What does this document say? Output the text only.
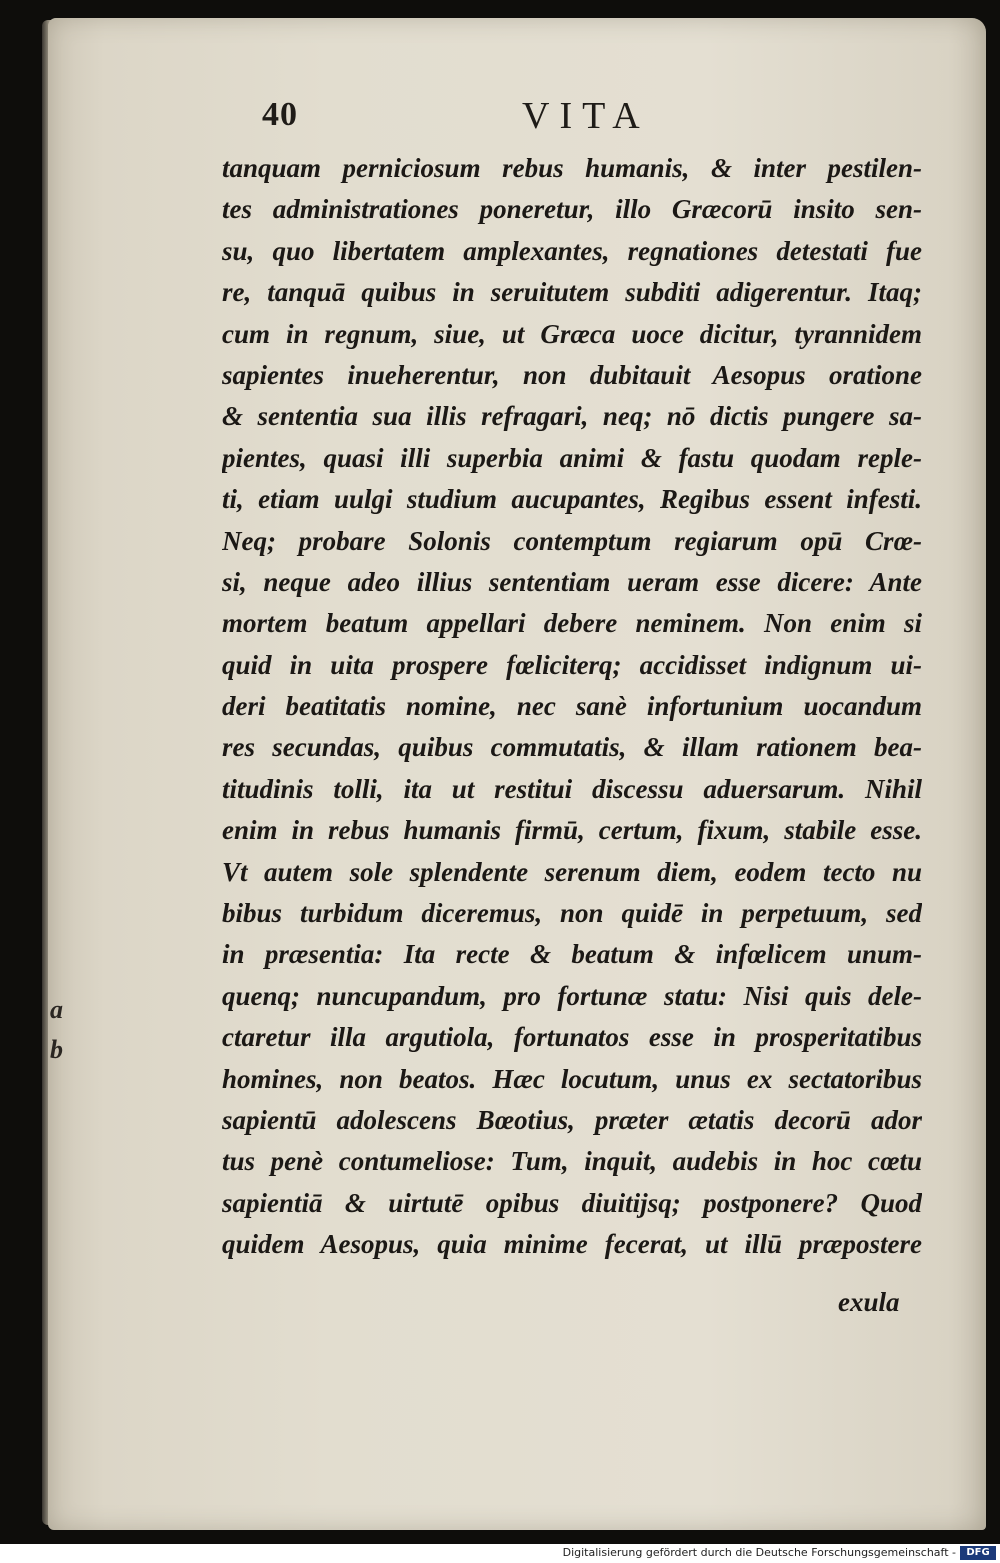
a
b
40	VITA
tanquam perniciosum rebus humanis, & inter pestilen-
tes administrationes poneretur, illo Græcorū insito sen-
su, quo libertatem amplexantes, regnationes detestati fue
re, tanquā quibus in seruitutem subditi adigerentur. Itaq;
cum in regnum, siue, ut Græca uoce dicitur, tyrannidem
sapientes inueherentur, non dubitauit Aesopus oratione
& sententia sua illis refragari, neq; nō dictis pungere sa-
pientes, quasi illi superbia animi & fastu quodam reple-
ti, etiam uulgi studium aucupantes, Regibus essent infesti.
Neq; probare Solonis contemptum regiarum opū Crœ-
si, neque adeo illius sententiam ueram esse dicere: Ante
mortem beatum appellari debere neminem. Non enim si
quid in uita prospere fœliciterq; accidisset indignum ui-
deri beatitatis nomine, nec sanè infortunium uocandum
res secundas, quibus commutatis, & illam rationem bea-
titudinis tolli, ita ut restitui discessu aduersarum. Nihil
enim in rebus humanis firmū, certum, fixum, stabile esse.
Vt autem sole splendente serenum diem, eodem tecto nu
bibus turbidum diceremus, non quidē in perpetuum, sed
in præsentia: Ita recte & beatum & infœlicem unum-
quenq; nuncupandum, pro fortunæ statu: Nisi quis dele-
ctaretur illa argutiola, fortunatos esse in prosperitatibus
homines, non beatos. Hæc locutum, unus ex sectatoribus
sapientū adolescens Bœotius, præter ætatis decorū ador
tus penè contumeliose: Tum, inquit, audebis in hoc cœtu
sapientiā & uirtutē opibus diuitijsq; postponere? Quod
quidem Aesopus, quia minime fecerat, ut illū præpostere
exula
Digitalisierung gefördert durch die Deutsche Forschungsgemeinschaft -	DFG
